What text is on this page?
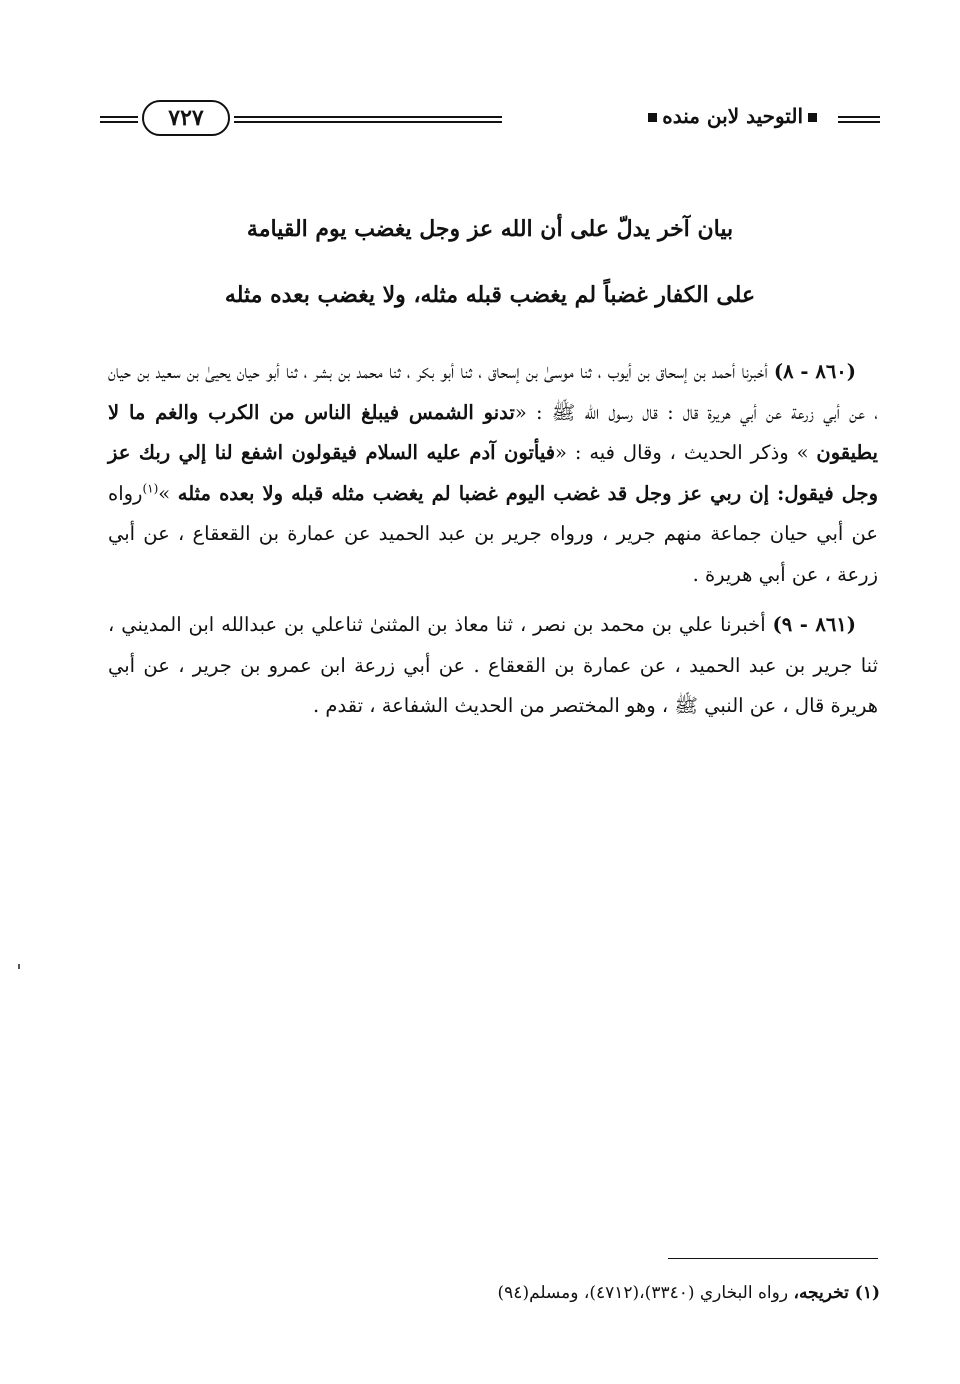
التوحيد لابن منده
٧٢٧
بيان آخر يدلّ على أن الله عز وجل يغضب يوم القيامة
على الكفار غضباً لم يغضب قبله مثله، ولا يغضب بعده مثله

(٨٦٠ - ٨) أخبرنا أحمد بن إسحاق بن أيوب ، ثنا موسىٰ بن إسحاق ، ثنا أبو بكر ، ثنا محمد بن بشر ، ثنا أبو حيان يحيىٰ بن سعيد بن حيان ، عن أبي زرعة عن أبي هريرة قال : قال رسول الله ﷺ : «تدنو الشمس فيبلغ الناس من الكرب والغم ما لا يطيقون » وذكر الحديث ، وقال فيه : «فيأتون آدم عليه السلام فيقولون اشفع لنا إلي ربك عز وجل فيقول: إن ربي عز وجل قد غضب اليوم غضبا لم يغضب مثله قبله ولا بعده مثله »$^{(١)}$رواه عن أبي حيان جماعة منهم جرير ، ورواه جرير بن عبد الحميد عن عمارة بن القعقاع ، عن أبي زرعة ، عن أبي هريرة .

(٨٦١ - ٩) أخبرنا علي بن محمد بن نصر ، ثنا معاذ بن المثنىٰ ثناعلي بن عبدالله ابن المديني ، ثنا جرير بن عبد الحميد ، عن عمارة بن القعقاع . عن أبي زرعة ابن عمرو بن جرير ، عن أبي هريرة قال ، عن النبي ﷺ ، وهو المختصر من الحديث الشفاعة ، تقدم .

(١) تخريجه، رواه البخاري (٣٣٤٠)،(٤٧١٢)، ومسلم(٩٤)
